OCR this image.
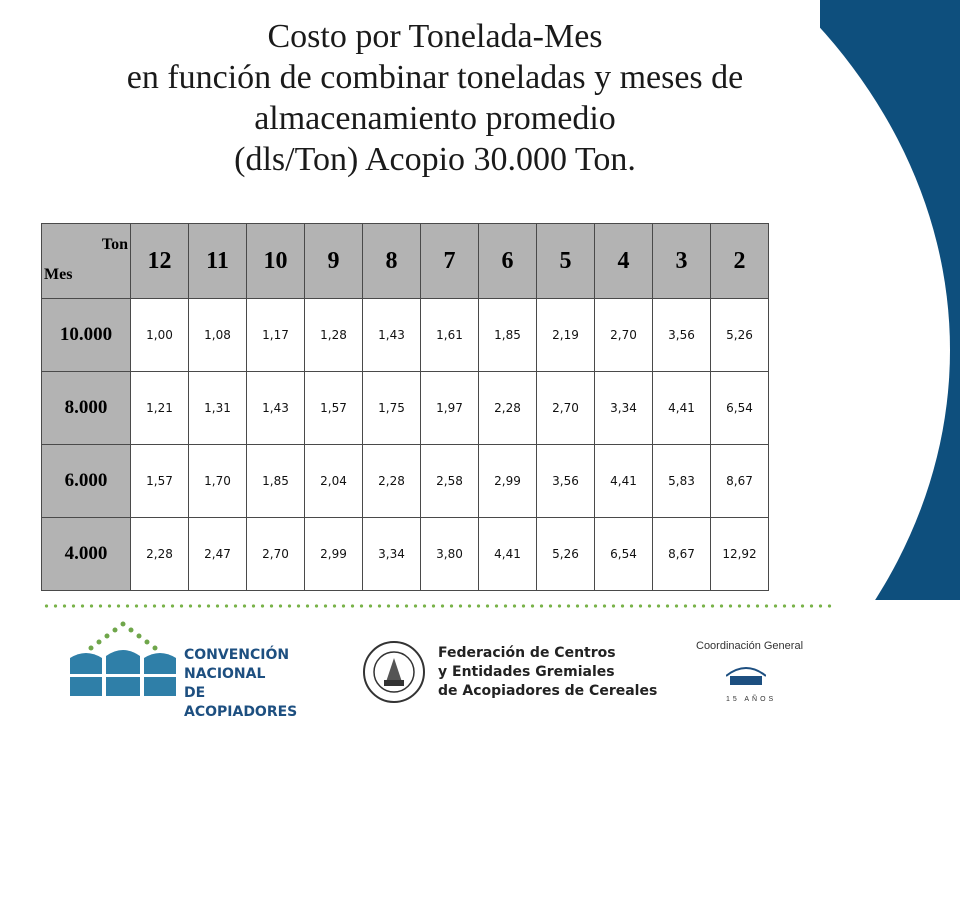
Costo por Tonelada-Mes
en función de combinar toneladas y meses de
almacenamiento promedio
(dls/Ton) Acopio 30.000 Ton.
Ton
Mes	12	11	10	9	8	7	6	5	4	3	2
10.000	1,00	1,08	1,17	1,28	1,43	1,61	1,85	2,19	2,70	3,56	5,26
8.000	1,21	1,31	1,43	1,57	1,75	1,97	2,28	2,70	3,34	4,41	6,54
6.000	1,57	1,70	1,85	2,04	2,28	2,58	2,99	3,56	4,41	5,83	8,67
4.000	2,28	2,47	2,70	2,99	3,34	3,80	4,41	5,26	6,54	8,67	12,92
CONVENCIÓN
NACIONAL
DE ACOPIADORES
Federación de Centros
y Entidades Gremiales
de Acopiadores de Cereales
Coordinación General
15 AÑOS
